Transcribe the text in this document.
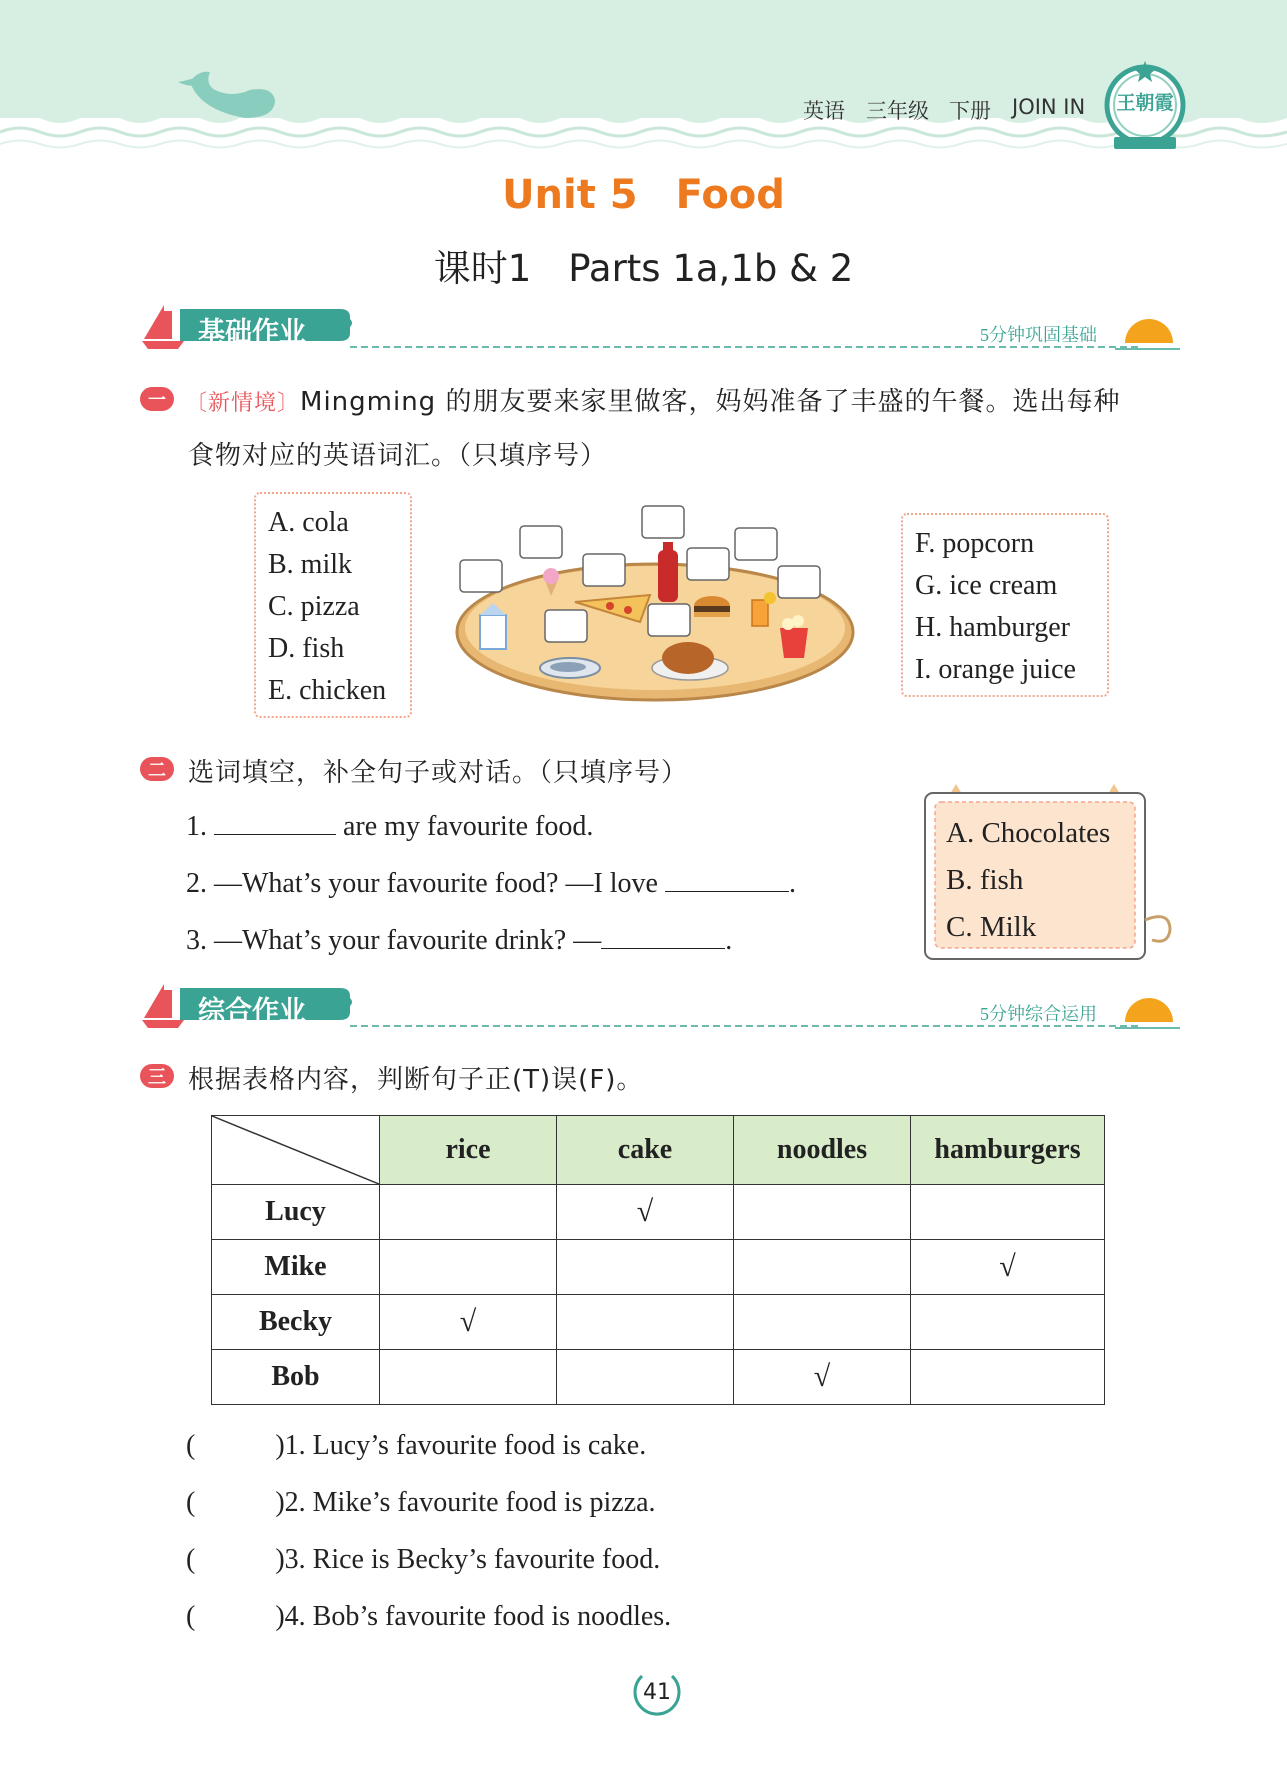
英语 三年级 下册 JOIN IN 王朝霞
Unit 5 Food
课时1　Parts 1a,1b & 2
基础作业	5分钟巩固基础
一 〔新情境〕Mingming 的朋友要来家里做客，妈妈准备了丰盛的午餐。选出每种
食物对应的英语词汇。（只填序号）
A. cola
B. milk
C. pizza
D. fish
E. chicken
F. popcorn
G. ice cream
H. hamburger
I. orange juice
二 选词填空，补全句子或对话。（只填序号）
1.	are my favourite food.
2. —What’s your favourite food? —I love	.
3. —What’s your favourite drink? —	.
A. Chocolates
B. fish
C. Milk
综合作业	5分钟综合运用
三 根据表格内容，判断句子正(T)误(F)。
	rice	cake	noodles	hamburgers
Lucy		√		
Mike				√
Becky	√			
Bob			√	
(	)1. Lucy’s favourite food is cake.
(	)2. Mike’s favourite food is pizza.
(	)3. Rice is Becky’s favourite food.
(	)4. Bob’s favourite food is noodles.
41
